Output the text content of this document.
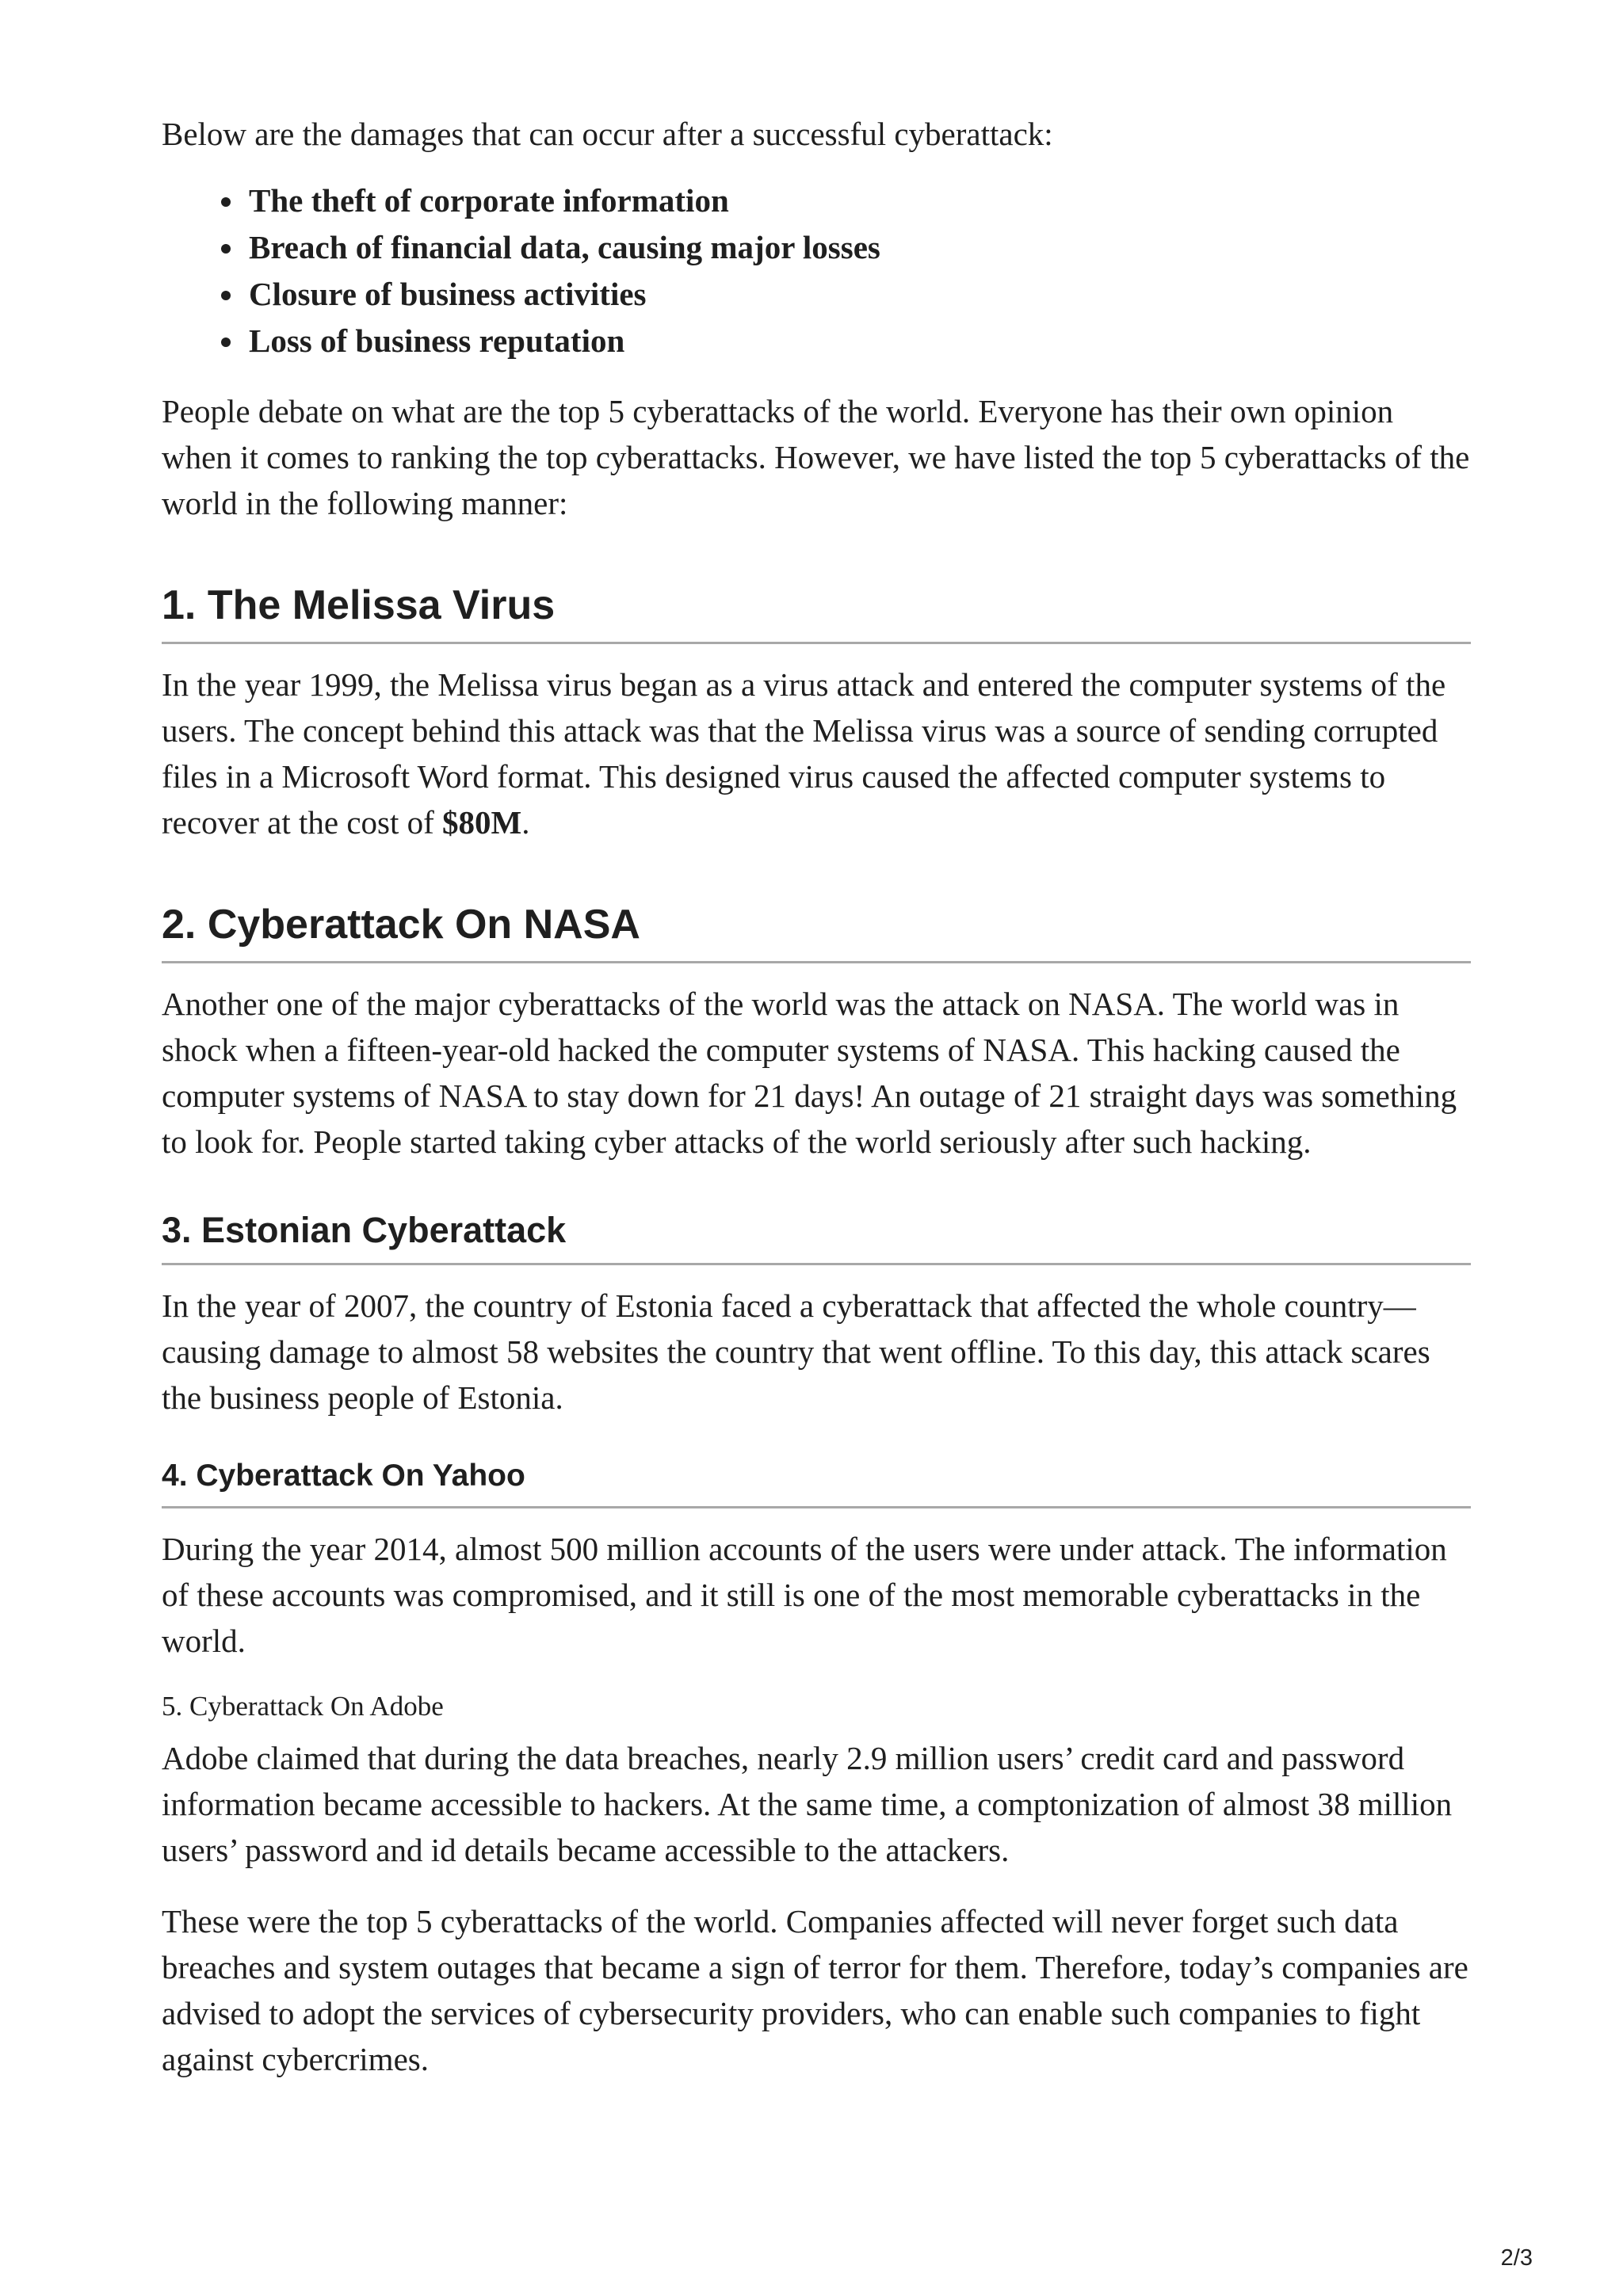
Below are the damages that can occur after a successful cyberattack:

• The theft of corporate information
• Breach of financial data, causing major losses
• Closure of business activities
• Loss of business reputation

People debate on what are the top 5 cyberattacks of the world. Everyone has their own opinion when it comes to ranking the top cyberattacks. However, we have listed the top 5 cyberattacks of the world in the following manner:

1. The Melissa Virus

In the year 1999, the Melissa virus began as a virus attack and entered the computer systems of the users. The concept behind this attack was that the Melissa virus was a source of sending corrupted files in a Microsoft Word format. This designed virus caused the affected computer systems to recover at the cost of $80M.

2. Cyberattack On NASA

Another one of the major cyberattacks of the world was the attack on NASA. The world was in shock when a fifteen-year-old hacked the computer systems of NASA. This hacking caused the computer systems of NASA to stay down for 21 days! An outage of 21 straight days was something to look for. People started taking cyber attacks of the world seriously after such hacking.

3. Estonian Cyberattack

In the year of 2007, the country of Estonia faced a cyberattack that affected the whole country—causing damage to almost 58 websites the country that went offline. To this day, this attack scares the business people of Estonia.

4. Cyberattack On Yahoo

During the year 2014, almost 500 million accounts of the users were under attack. The information of these accounts was compromised, and it still is one of the most memorable cyberattacks in the world.

5. Cyberattack On Adobe

Adobe claimed that during the data breaches, nearly 2.9 million users’ credit card and password information became accessible to hackers. At the same time, a comptonization of almost 38 million users’ password and id details became accessible to the attackers.

These were the top 5 cyberattacks of the world. Companies affected will never forget such data breaches and system outages that became a sign of terror for them. Therefore, today’s companies are advised to adopt the services of cybersecurity providers, who can enable such companies to fight against cybercrimes.

2/3
